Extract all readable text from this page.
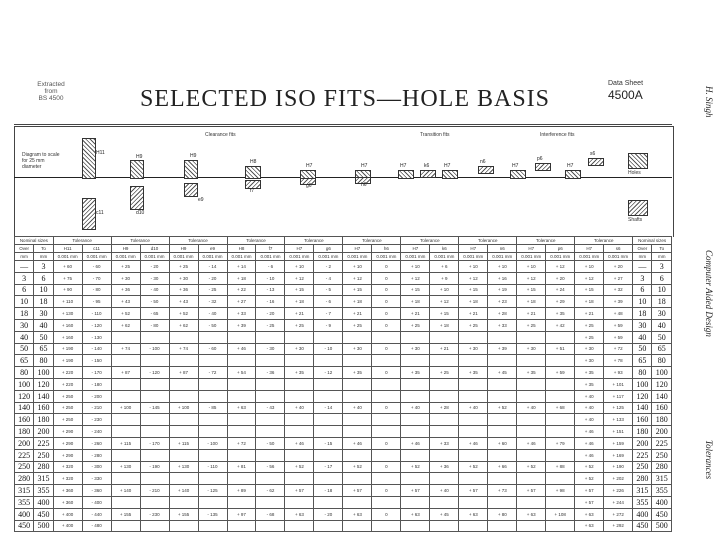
Extracted
from
BS 4500	SELECTED ISO FITS—HOLE BASIS
Data Sheet
4500A	H. Singh
Computer Aided Design
Tolerances
Clearance fits	Transition fits	Interference fits
Diagram to scale for 25 mm diameter
H11
H9	H9
H8
H7	H7	H7	H7	H7	H7
c11	d10
e9
f7
g6	h6
k6
n6	p6
s6
Holes
Shafts
Nominal sizes		Tolerance		Tolerance		Tolerance		Tolerance		Tolerance		Tolerance		Tolerance		Tolerance		Tolerance		Tolerance		Nominal sizes	
Over	To	H11	c11	H9	d10	H9	e9	H8	f7	H7	g6	H7	h6	H7	k6	H7	n6	H7	p6	H7	s6	Over	To
mm	mm	0.001 mm	0.001 mm	0.001 mm	0.001 mm	0.001 mm	0.001 mm	0.001 mm	0.001 mm	0.001 mm	0.001 mm	0.001 mm	0.001 mm	0.001 mm	0.001 mm	0.001 mm	0.001 mm	0.001 mm	0.001 mm	0.001 mm	0.001 mm	mm	mm
—	3	+ 60	- 60	+ 25	- 20	+ 25	- 14	+ 14	- 6	+ 10	- 2	+ 10	0	+ 10	+ 6	+ 10	+ 10	+ 10	+ 12	+ 10	+ 20	—	3
3	6	+ 75	- 70	+ 30	- 30	+ 30	- 20	+ 18	- 10	+ 12	- 4	+ 12	0	+ 12	+ 9	+ 12	+ 16	+ 12	+ 20	+ 12	+ 27	3	6
6	10	+ 90	- 80	+ 36	- 40	+ 36	- 25	+ 22	- 13	+ 15	- 5	+ 15	0	+ 15	+ 10	+ 15	+ 19	+ 15	+ 24	+ 15	+ 32	6	10
10	18	+ 110	- 95	+ 43	- 50	+ 43	- 32	+ 27	- 16	+ 18	- 6	+ 18	0	+ 18	+ 12	+ 18	+ 23	+ 18	+ 29	+ 18	+ 39	10	18
18	30	+ 130	- 110	+ 52	- 65	+ 52	- 40	+ 33	- 20	+ 21	- 7	+ 21	0	+ 21	+ 15	+ 21	+ 28	+ 21	+ 35	+ 21	+ 48	18	30
30	40	+ 160	- 120	+ 62	- 80	+ 62	- 50	+ 39	- 25	+ 25	- 9	+ 25	0	+ 25	+ 18	+ 25	+ 33	+ 25	+ 42	+ 25	+ 59	30	40
40	50	+ 160	- 130																	+ 25	+ 59	40	50
50	65	+ 190	- 140	+ 74	- 100	+ 74	- 60	+ 46	- 30	+ 30	- 10	+ 30	0	+ 30	+ 21	+ 30	+ 39	+ 30	+ 51	+ 30	+ 72	50	65
65	80	+ 190	- 150																	+ 30	+ 78	65	80
80	100	+ 220	- 170	+ 87	- 120	+ 87	- 72	+ 54	- 36	+ 35	- 12	+ 35	0	+ 35	+ 25	+ 35	+ 45	+ 35	+ 59	+ 35	+ 93	80	100
100	120	+ 220	- 180																	+ 35	+ 101	100	120
120	140	+ 250	- 200																	+ 40	+ 117	120	140
140	160	+ 250	- 210	+ 100	- 145	+ 100	- 85	+ 63	- 43	+ 40	- 14	+ 40	0	+ 40	+ 28	+ 40	+ 52	+ 40	+ 68	+ 40	+ 125	140	160
160	180	+ 250	- 230																	+ 40	+ 133	160	180
180	200	+ 290	- 240																	+ 46	+ 151	180	200
200	225	+ 290	- 260	+ 115	- 170	+ 115	- 100	+ 72	- 50	+ 46	- 15	+ 46	0	+ 46	+ 33	+ 46	+ 60	+ 46	+ 79	+ 46	+ 159	200	225
225	250	+ 290	- 280																	+ 46	+ 169	225	250
250	280	+ 320	- 300	+ 130	- 190	+ 130	- 110	+ 81	- 56	+ 52	- 17	+ 52	0	+ 52	+ 36	+ 52	+ 66	+ 52	+ 88	+ 52	+ 190	250	280
280	315	+ 320	- 330																	+ 52	+ 202	280	315
315	355	+ 360	- 360	+ 140	- 210	+ 140	- 125	+ 89	- 62	+ 57	- 18	+ 57	0	+ 57	+ 40	+ 57	+ 73	+ 57	+ 98	+ 57	+ 226	315	355
355	400	+ 360	- 400																	+ 57	+ 244	355	400
400	450	+ 400	- 440	+ 155	- 230	+ 155	- 135	+ 97	- 68	+ 63	- 20	+ 63	0	+ 63	+ 45	+ 63	+ 80	+ 63	+ 108	+ 63	+ 272	400	450
450	500	+ 400	- 480																	+ 63	+ 292	450	500
